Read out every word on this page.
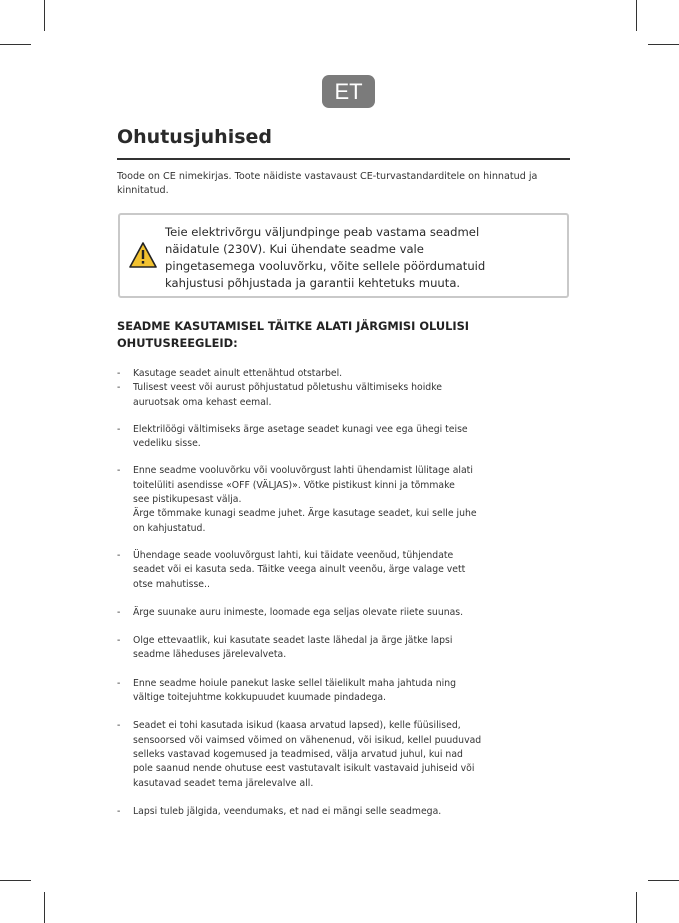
ET
Ohutusjuhised

Toode on CE nimekirjas. Toote näidiste vastavaust CE-turvastandarditele on hinnatud ja kinnitatud.

Teie elektrivõrgu väljundpinge peab vastama seadmel
näidatule (230V). Kui ühendate seadme vale
pingetasemega vooluvõrku, võite sellele pöördumatuid
kahjustusi põhjustada ja garantii kehtetuks muuta.

SEADME KASUTAMISEL TÄITKE ALATI JÄRGMISI OLULISI OHUTUSREEGLEID:
- Kasutage seadet ainult ettenähtud otstarbel.
- Tulisest veest või aurust põhjustatud põletushu vältimiseks hoidke
auruotsak oma kehast eemal.
- Elektrilöögi vältimiseks ärge asetage seadet kunagi vee ega ühegi teise
vedeliku sisse.
- Enne seadme vooluvõrku või vooluvõrgust lahti ühendamist lülitage alati
toitelüliti asendisse «OFF (VÄLJAS)». Võtke pistikust kinni ja tõmmake
see pistikupesast välja.
Ärge tõmmake kunagi seadme juhet. Ärge kasutage seadet, kui selle juhe
on kahjustatud.
- Ühendage seade vooluvõrgust lahti, kui täidate veenõud, tühjendate
seadet või ei kasuta seda. Täitke veega ainult veenõu, ärge valage vett
otse mahutisse..
- Ärge suunake auru inimeste, loomade ega seljas olevate riiete suunas.
- Olge ettevaatlik, kui kasutate seadet laste lähedal ja ärge jätke lapsi
seadme läheduses järelevalveta.
- Enne seadme hoiule panekut laske sellel täielikult maha jahtuda ning
vältige toitejuhtme kokkupuudet kuumade pindadega.
- Seadet ei tohi kasutada isikud (kaasa arvatud lapsed), kelle füüsilised,
sensoorsed või vaimsed võimed on vähenenud, või isikud, kellel puuduvad
selleks vastavad kogemused ja teadmised, välja arvatud juhul, kui nad
pole saanud nende ohutuse eest vastutavalt isikult vastavaid juhiseid või
kasutavad seadet tema järelevalve all.
- Lapsi tuleb jälgida, veendumaks, et nad ei mängi selle seadmega.
